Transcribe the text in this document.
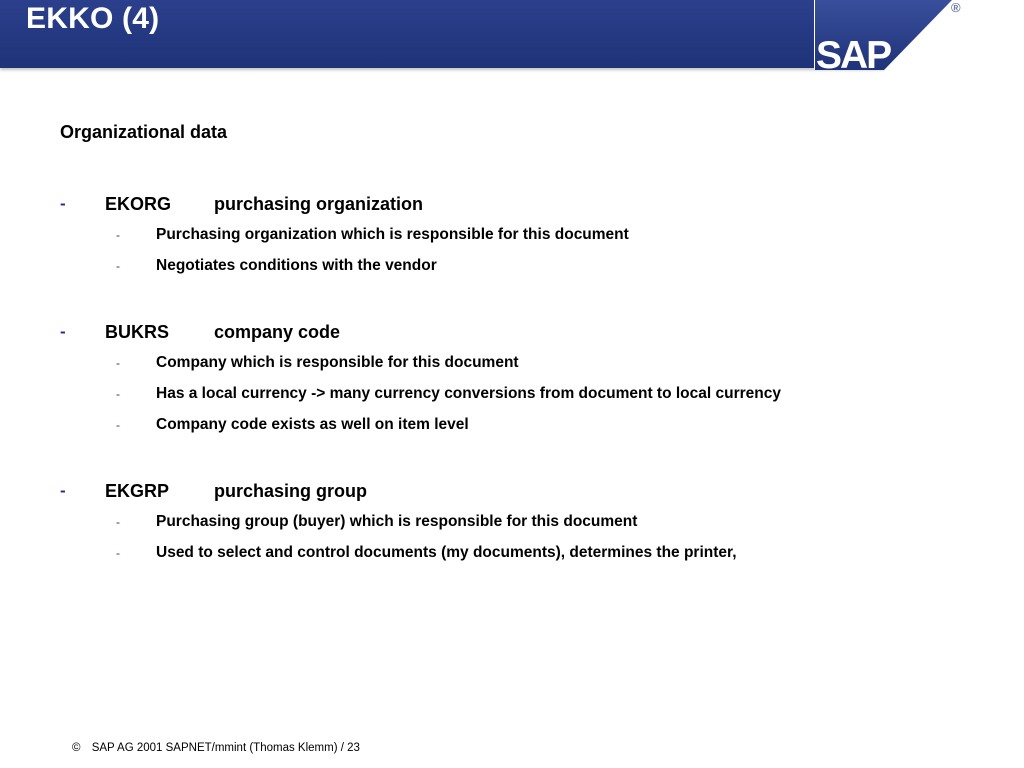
EKKO (4)
SAP
®
Organizational data
- EKORG purchasing organization
- Purchasing organization which is responsible for this document
- Negotiates conditions with the vendor
- BUKRS company code
- Company which is responsible for this document
- Has a local currency -> many currency conversions from document to local currency
- Company code exists as well on item level
- EKGRP purchasing group
- Purchasing group (buyer) which is responsible for this document
- Used to select and control documents (my documents), determines the printer,
© SAP AG 2001 SAPNET/mmint (Thomas Klemm) / 23
